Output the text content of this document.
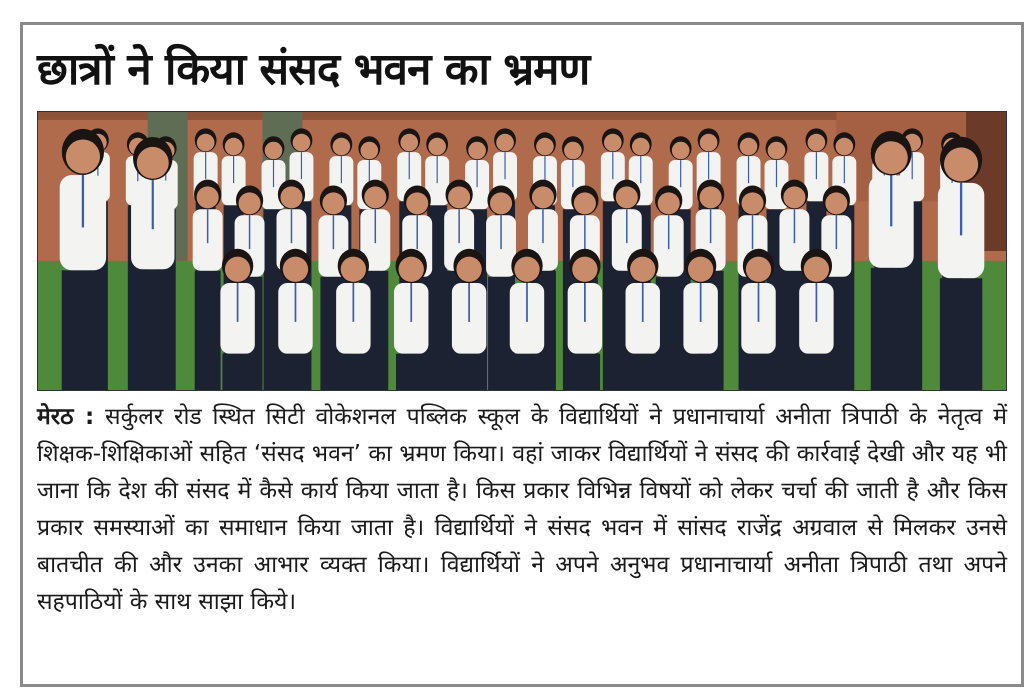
छात्रों ने किया संसद भवन का भ्रमण

मेरठ : सर्कुलर रोड स्थित सिटी वोकेशनल पब्लिक स्कूल के विद्यार्थियों ने प्रधानाचार्या अनीता त्रिपाठी के नेतृत्व में शिक्षक-शिक्षिकाओं सहित ‘संसद भवन’ का भ्रमण किया। वहां जाकर विद्यार्थियों ने संसद की कार्रवाई देखी और यह भी जाना कि देश की संसद में कैसे कार्य किया जाता है। किस प्रकार विभिन्न विषयों को लेकर चर्चा की जाती है और किस प्रकार समस्याओं का समाधान किया जाता है। विद्यार्थियों ने संसद भवन में सांसद राजेंद्र अग्रवाल से मिलकर उनसे बातचीत की और उनका आभार व्यक्त किया। विद्यार्थियों ने अपने अनुभव प्रधानाचार्या अनीता त्रिपाठी तथा अपने सहपाठियों के साथ साझा किये।
